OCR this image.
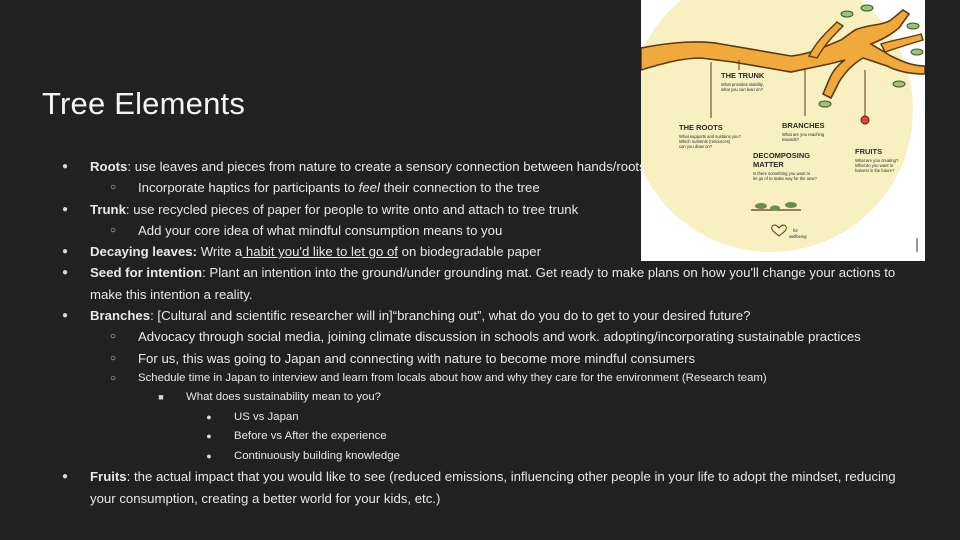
Tree Elements
THE TRUNK
What provides stability,
what you can lean on?
THE ROOTS
What supports and sustains you?
Which nutrients (resources)
can you draw on?
BRANCHES
What are you reaching
towards?
DECOMPOSING
MATTER
Is there something you want to
let go of to make way for the new?
FRUITS
What are you creating?
What do you want to
harvest in the future?
for
wellbeing
●	Roots: use leaves and pieces from nature to create a sensory connection between hands/roots
○	Incorporate haptics for participants to feel their connection to the tree
●	Trunk: use recycled pieces of paper for people to write onto and attach to tree trunk
○	Add your core idea of what mindful consumption means to you
●	Decaying leaves: Write a habit you'd like to let go of on biodegradable paper
●	Seed for intention: Plant an intention into the ground/under grounding mat. Get ready to make plans on how you'll change your actions to make this intention a reality.
●	Branches: [Cultural and scientific researcher will in]“branching out”, what do you do to get to your desired future?
○	Advocacy through social media, joining climate discussion in schools and work. adopting/incorporating sustainable practices
○	For us, this was going to Japan and connecting with nature to become more mindful consumers
○	Schedule time in Japan to interview and learn from locals about how and why they care for the environment (Research team)
■	What does sustainability mean to you?
●	US vs Japan
●	Before vs After the experience
●	Continuously building knowledge
●	Fruits: the actual impact that you would like to see (reduced emissions, influencing other people in your life to adopt the mindset, reducing your consumption, creating a better world for your kids, etc.)
